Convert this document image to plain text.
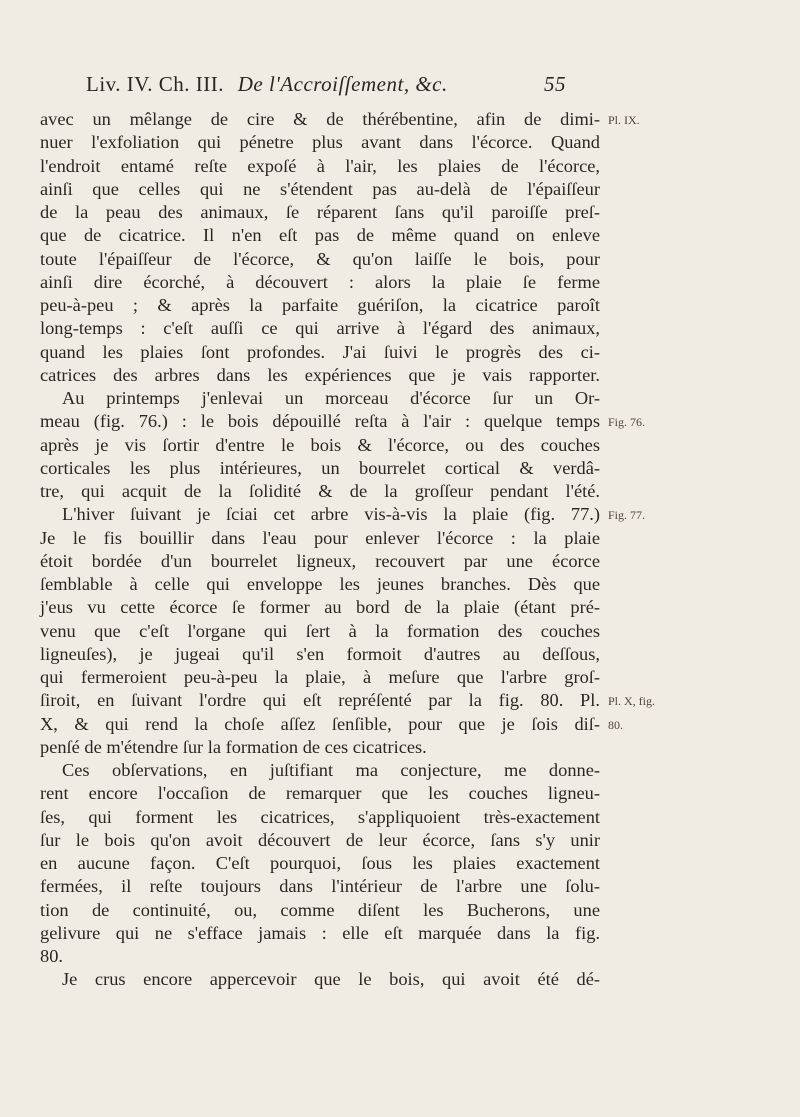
Liv. IV. Ch. III. De l'Accroiſſement, &c.	55
avec un mêlange de cire & de thérébentine, afin de dimi-
nuer l'exfoliation qui pénetre plus avant dans l'écorce. Quand
l'endroit entamé reſte expoſé à l'air, les plaies de l'écorce,
ainſi que celles qui ne s'étendent pas au-delà de l'épaiſſeur
de la peau des animaux, ſe réparent ſans qu'il paroiſſe preſ-
que de cicatrice. Il n'en eſt pas de même quand on enleve
toute l'épaiſſeur de l'écorce, & qu'on laiſſe le bois, pour
ainſi dire écorché, à découvert : alors la plaie ſe ferme
peu-à-peu ; & après la parfaite guériſon, la cicatrice paroît
long-temps : c'eſt auſſi ce qui arrive à l'égard des animaux,
quand les plaies ſont profondes. J'ai ſuivi le progrès des ci-
catrices des arbres dans les expériences que je vais rapporter.
Au printemps j'enlevai un morceau d'écorce ſur un Or-
meau (fig. 76.) : le bois dépouillé reſta à l'air : quelque temps
après je vis ſortir d'entre le bois & l'écorce, ou des couches
corticales les plus intérieures, un bourrelet cortical & verdâ-
tre, qui acquit de la ſolidité & de la groſſeur pendant l'été.
L'hiver ſuivant je ſciai cet arbre vis-à-vis la plaie (fig. 77.)
Je le fis bouillir dans l'eau pour enlever l'écorce : la plaie
étoit bordée d'un bourrelet ligneux, recouvert par une écorce
ſemblable à celle qui enveloppe les jeunes branches. Dès que
j'eus vu cette écorce ſe former au bord de la plaie (étant pré-
venu que c'eſt l'organe qui ſert à la formation des couches
ligneuſes), je jugeai qu'il s'en formoit d'autres au deſſous,
qui fermeroient peu-à-peu la plaie, à meſure que l'arbre groſ-
ſiroit, en ſuivant l'ordre qui eſt repréſenté par la fig. 80. Pl.
X, & qui rend la choſe aſſez ſenſible, pour que je ſois diſ-
penſé de m'étendre ſur la formation de ces cicatrices.
Ces obſervations, en juſtifiant ma conjecture, me donne-
rent encore l'occaſion de remarquer que les couches ligneu-
ſes, qui forment les cicatrices, s'appliquoient très-exactement
ſur le bois qu'on avoit découvert de leur écorce, ſans s'y unir
en aucune façon. C'eſt pourquoi, ſous les plaies exactement
fermées, il reſte toujours dans l'intérieur de l'arbre une ſolu-
tion de continuité, ou, comme diſent les Bucherons, une
gelivure qui ne s'efface jamais : elle eſt marquée dans la fig.
80.
Je crus encore appercevoir que le bois, qui avoit été dé-
Pl. IX.
Fig. 76.
Fig. 77.
Pl. X, fig.
80.
